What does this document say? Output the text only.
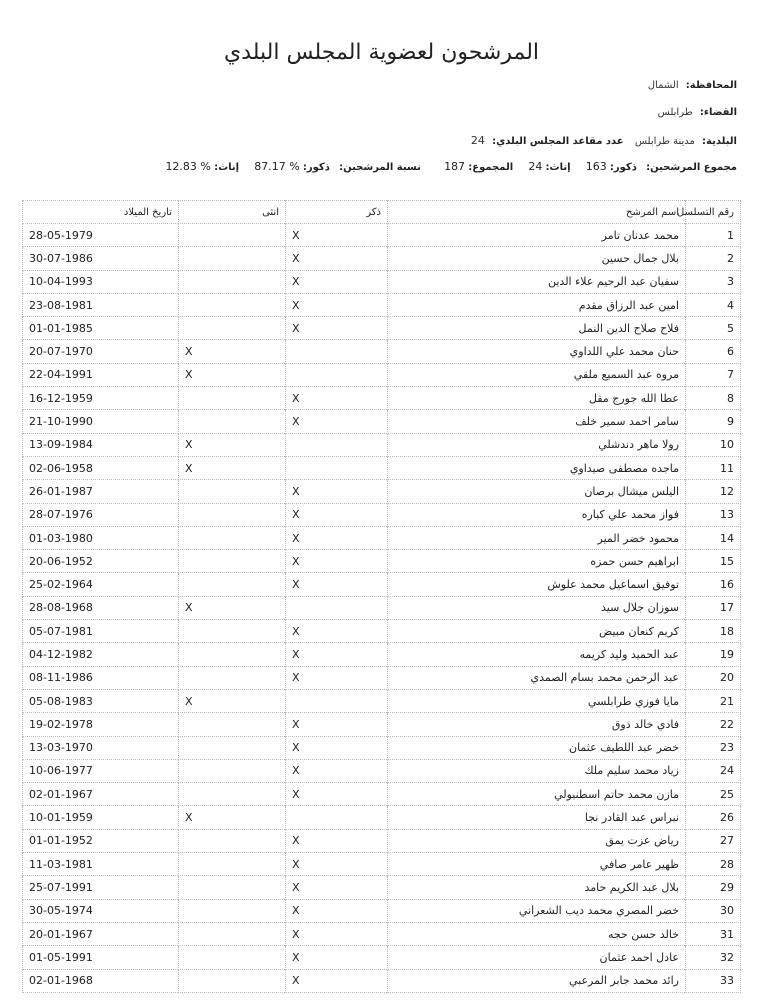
المرشحون لعضوية المجلس البلدي
المحافظة: الشمال
القضاء: طرابلس
البلدية: مدينة طرابلس عدد مقاعد المجلس البلدي: 24
مجموع المرشحين: ذكور: 163 إناث: 24 المجموع: 187 نسبة المرشحين: ذكور: % 87.17 إناث: % 12.83
رقم التسلسل	اسم المرشح	ذكر	انثى	تاريخ الميلاد
1	محمد عدنان تامر	X		28-05-1979
2	بلال جمال حسين	X		30-07-1986
3	سفيان عبد الرحيم علاء الدين	X		10-04-1993
4	امين عبد الرزاق مقدم	X		23-08-1981
5	فلاح صلاح الدين النمل	X		01-01-1985
6	حنان محمد علي اللداوي		X	20-07-1970
7	مروه عبد السميع ملقي		X	22-04-1991
8	عطا الله جورج مقل	X		16-12-1959
9	سامر احمد سمير خلف	X		21-10-1990
10	رولا ماهر دندشلي		X	13-09-1984
11	ماجده مصطفى صيداوي		X	02-06-1958
12	اليلس ميشال برصان	X		26-01-1987
13	فواز محمد علي كباره	X		28-07-1976
14	محمود خضر المير	X		01-03-1980
15	ابراهيم حسن حمزه	X		20-06-1952
16	توفيق اسماعيل محمد علوش	X		25-02-1964
17	سوزان جلال سيد		X	28-08-1968
18	كريم كنعان مبيض	X		05-07-1981
19	عبد الحميد وليد كريمه	X		04-12-1982
20	عبد الرحمن محمد بسام الصمدي	X		08-11-1986
21	مايا فوزي طرابلسي		X	05-08-1983
22	فادي خالد ذوق	X		19-02-1978
23	خضر عبد اللطيف عثمان	X		13-03-1970
24	زياد محمد سليم ملك	X		10-06-1977
25	مازن محمد حاتم اسطنبولي	X		02-01-1967
26	نبراس عبد القادر نجا		X	10-01-1959
27	رياض عزت يمق	X		01-01-1952
28	ظهير عامر صافي	X		11-03-1981
29	بلال عبد الكريم حامد	X		25-07-1991
30	خضر المصري محمد ديب الشعراني	X		30-05-1974
31	خالد حسن حجه	X		20-01-1967
32	عادل احمد عثمان	X		01-05-1991
33	رائد محمد جابر المرعبي	X		02-01-1968
